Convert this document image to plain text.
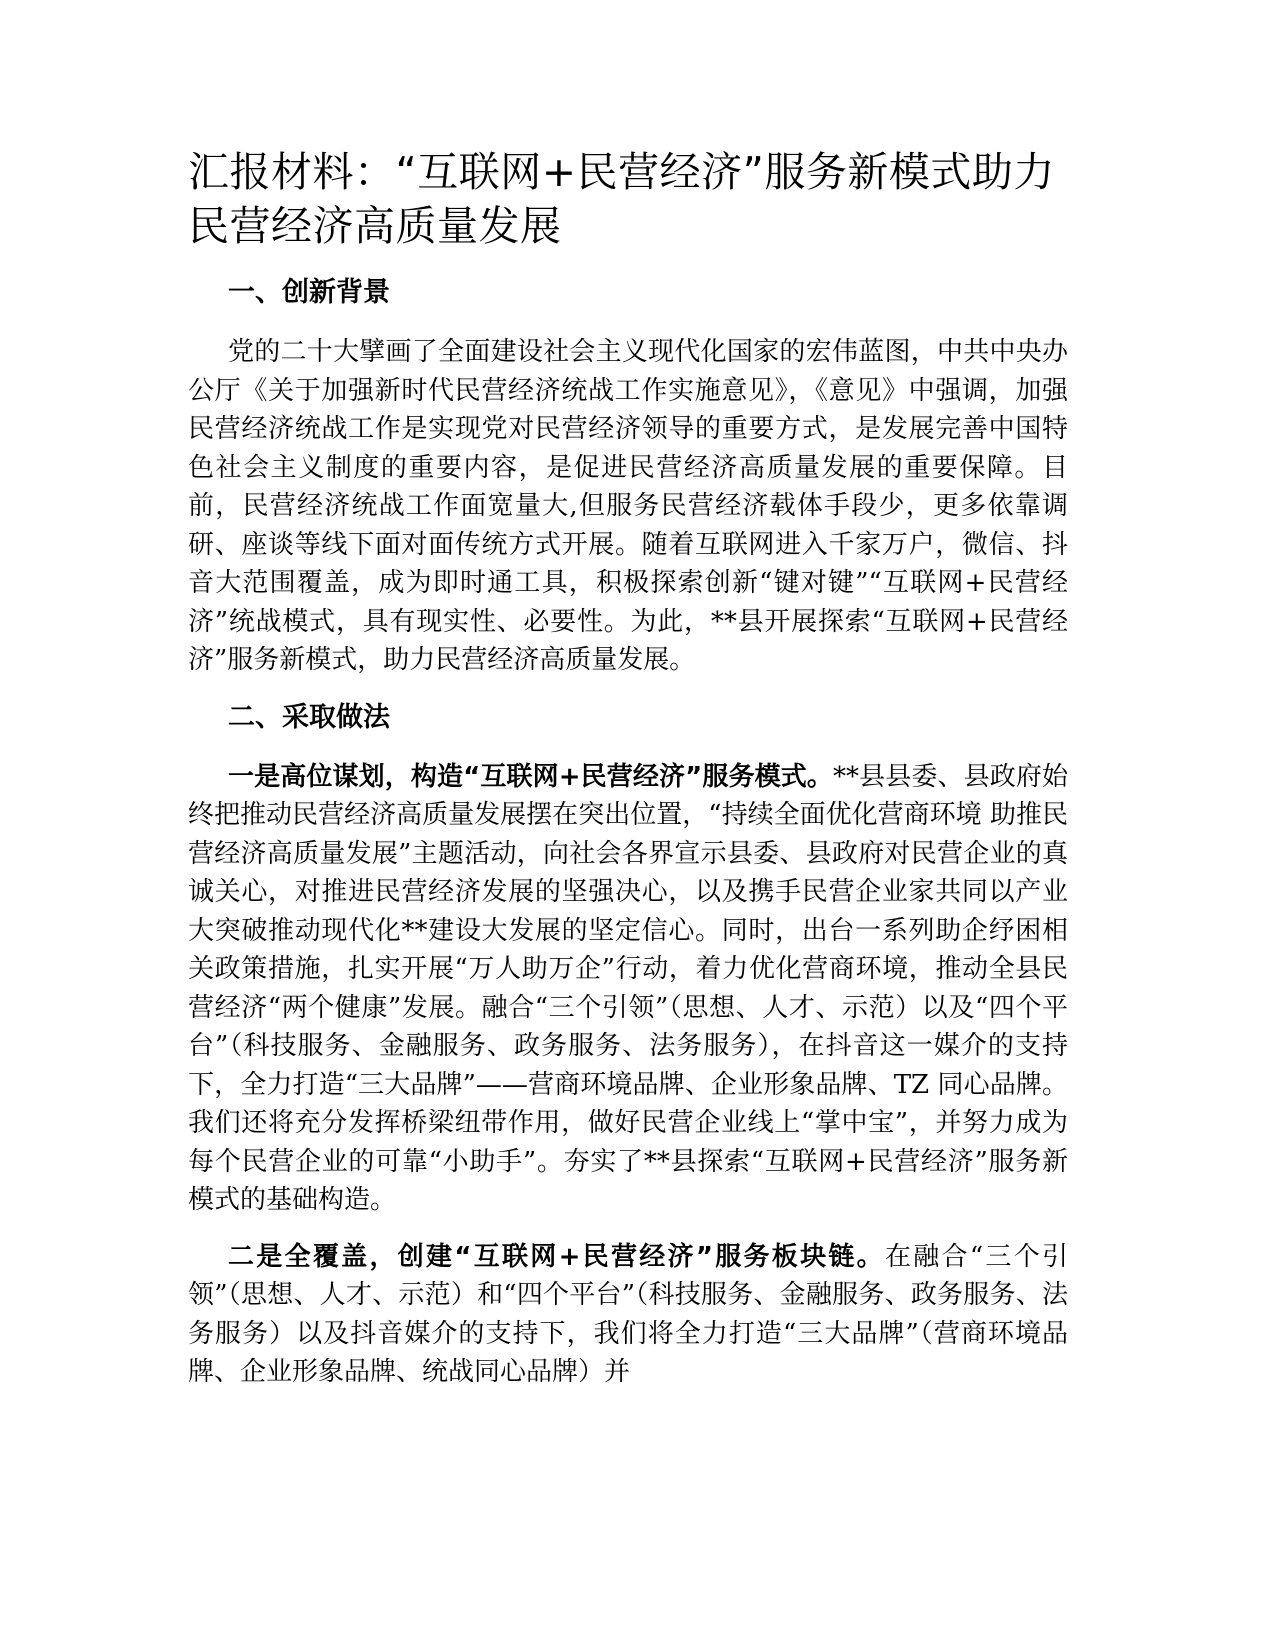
汇报材料：“互联网+民营经济”服务新模式助力民营经济高质量发展
一、创新背景

党的二十大擘画了全面建设社会主义现代化国家的宏伟蓝图，中共中央办公厅《关于加强新时代民营经济统战工作实施意见》，《意见》中强调，加强民营经济统战工作是实现党对民营经济领导的重要方式，是发展完善中国特色社会主义制度的重要内容，是促进民营经济高质量发展的重要保障。目前，民营经济统战工作面宽量大,但服务民营经济载体手段少，更多依靠调研、座谈等线下面对面传统方式开展。随着互联网进入千家万户，微信、抖音大范围覆盖，成为即时通工具，积极探索创新“键对键”“互联网+民营经济”统战模式，具有现实性、必要性。为此，**县开展探索“互联网+民营经济”服务新模式，助力民营经济高质量发展。

二、采取做法

一是高位谋划，构造“互联网+民营经济”服务模式。**县县委、县政府始终把推动民营经济高质量发展摆在突出位置，“持续全面优化营商环境 助推民营经济高质量发展”主题活动，向社会各界宣示县委、县政府对民营企业的真诚关心，对推进民营经济发展的坚强决心，以及携手民营企业家共同以产业大突破推动现代化**建设大发展的坚定信心。同时，出台一系列助企纾困相关政策措施，扎实开展“万人助万企”行动，着力优化营商环境，推动全县民营经济“两个健康”发展。融合“三个引领”（思想、人才、示范）以及“四个平台”（科技服务、金融服务、政务服务、法务服务），在抖音这一媒介的支持下，全力打造“三大品牌”——营商环境品牌、企业形象品牌、TZ 同心品牌。我们还将充分发挥桥梁纽带作用，做好民营企业线上“掌中宝”，并努力成为每个民营企业的可靠“小助手”。夯实了**县探索“互联网+民营经济”服务新模式的基础构造。

二是全覆盖，创建“互联网+民营经济”服务板块链。在融合“三个引领”（思想、人才、示范）和“四个平台”（科技服务、金融服务、政务服务、法务服务）以及抖音媒介的支持下，我们将全力打造“三大品牌”（营商环境品牌、企业形象品牌、统战同心品牌）并
